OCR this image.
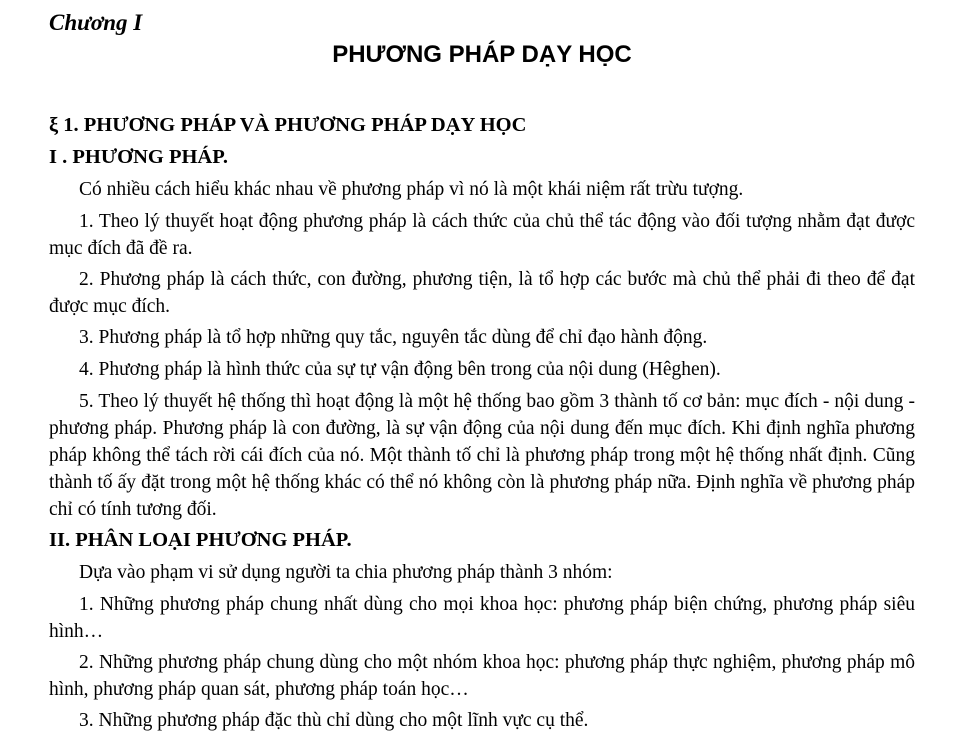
Chương I

PHƯƠNG PHÁP DẠY HỌC
ξ 1. PHƯƠNG PHÁP VÀ PHƯƠNG PHÁP DẠY HỌC
I . PHƯƠNG PHÁP.

Có nhiều cách hiểu khác nhau về phương pháp vì nó là một khái niệm rất trừu tượng.

1. Theo lý thuyết hoạt động phương pháp là cách thức của chủ thể tác động vào đối tượng nhằm đạt được mục đích đã đề ra.

2. Phương pháp là cách thức, con đường, phương tiện, là tổ hợp các bước mà chủ thể phải đi theo để đạt được mục đích.

3. Phương pháp là tổ hợp những quy tắc, nguyên tắc dùng để chỉ đạo hành động.

4. Phương pháp là hình thức của sự tự vận động bên trong của nội dung (Hêghen).

5. Theo lý thuyết hệ thống thì hoạt động là một hệ thống bao gồm 3 thành tố cơ bản: mục đích - nội dung - phương pháp. Phương pháp là con đường, là sự vận động của nội dung đến mục đích. Khi định nghĩa phương pháp không thể tách rời cái đích của nó. Một thành tố chỉ là phương pháp trong một hệ thống nhất định. Cũng thành tố ấy đặt trong một hệ thống khác có thể nó không còn là phương pháp nữa. Định nghĩa về phương pháp chỉ có tính tương đối.

II. PHÂN LOẠI PHƯƠNG PHÁP.

Dựa vào phạm vi sử dụng người ta chia phương pháp thành 3 nhóm:

1. Những phương pháp chung nhất dùng cho mọi khoa học: phương pháp biện chứng, phương pháp siêu hình…

2. Những phương pháp chung dùng cho một nhóm khoa học: phương pháp thực nghiệm, phương pháp mô hình, phương pháp quan sát, phương pháp toán học…

3. Những phương pháp đặc thù chỉ dùng cho một lĩnh vực cụ thể.
